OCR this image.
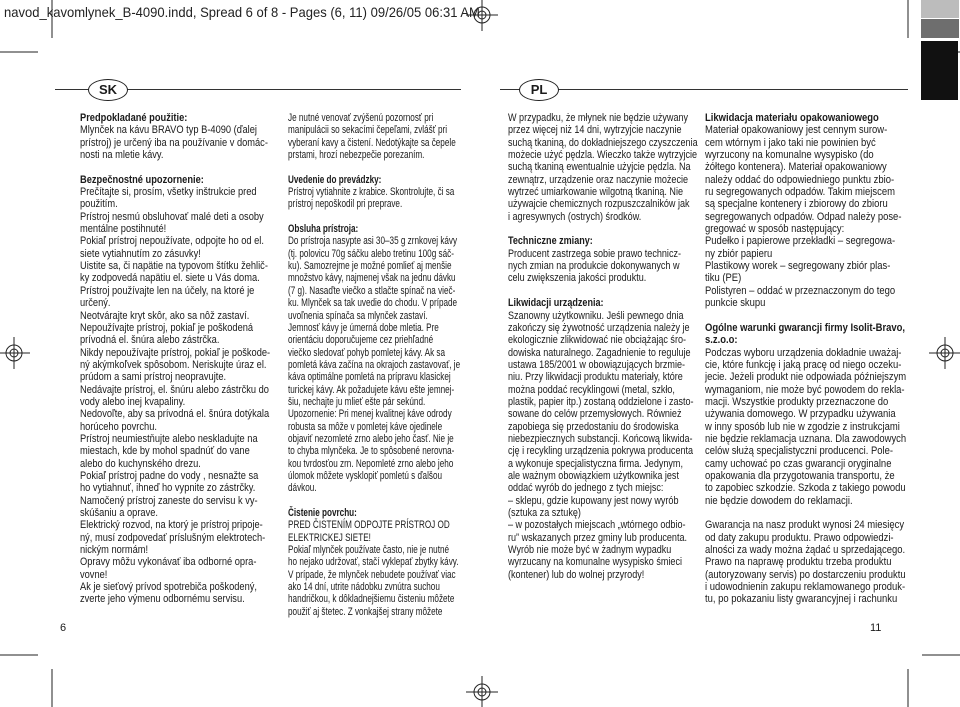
navod_kavomlynek_B-4090.indd, Spread 6 of 8 - Pages (6, 11) 09/26/05 06:31 AM
SK	PL
Predpokladané použitie:
Mlynček na kávu BRAVO typ B-4090 (ďalej
prístroj) je určený iba na používanie v domác-
nosti na mletie kávy.
Bezpečnostné upozornenie:
Prečítajte si, prosím, všetky inštrukcie pred
použitím.
Prístroj nesmú obsluhovať malé deti a osoby
mentálne postihnuté!
Pokiaľ prístroj nepoužívate, odpojte ho od el.
siete vytiahnutím zo zásuvky!
Uistite sa, či napätie na typovom štítku žehlič-
ky zodpovedá napätiu el. siete u Vás doma.
Prístroj používajte len na účely, na ktoré je
určený.
Neotvárajte kryt skôr, ako sa nôž zastaví.
Nepoužívajte prístroj, pokiaľ je poškodená
prívodná el. šnúra alebo zástrčka.
Nikdy nepoužívajte prístroj, pokiaľ je poškode-
ný akýmkoľvek spôsobom. Neriskujte úraz el.
prúdom a sami prístroj neopravujte.
Nedávajte prístroj, el. šnúru alebo zástrčku do
vody alebo inej kvapaliny.
Nedovoľte, aby sa prívodná el. šnúra dotýkala
horúceho povrchu.
Prístroj neumiestňujte alebo neskladujte na
miestach, kde by mohol spadnúť do vane
alebo do kuchynského drezu.
Pokiaľ prístroj padne do vody , nesnažte sa
ho vytiahnuť, ihneď ho vypnite zo zástrčky.
Namočený prístroj zaneste do servisu k vy-
skúšaniu a oprave.
Elektrický rozvod, na ktorý je prístroj pripoje-
ný, musí zodpovedať príslušným elektrotech-
nickým normám!
Opravy môžu vykonávať iba odborné opra-
vovne!
Ak je sieťový prívod spotrebiča poškodený,
zverte jeho výmenu odbornému servisu.
Je nutné venovať zvýšenú pozornosť pri
manipulácii so sekacími čepeľami, zvlášť pri
vyberaní kavy a čistení. Nedotýkajte sa čepele
prstami, hrozí nebezpečie porezaním.
Uvedenie do prevádzky:
Prístroj vytiahnite z krabice. Skontrolujte, či sa
prístroj nepoškodil pri preprave.
Obsluha prístroja:
Do prístroja nasypte asi 30–35 g zrnkovej kávy
(tj. polovicu 70g sáčku alebo tretinu 100g sáč-
ku). Samozrejme je možné pomlieť aj menšie
množstvo kávy, najmenej však na jednu dávku
(7 g). Nasaďte viečko a stlačte spínač na vieč-
ku. Mlynček sa tak uvedie do chodu. V prípade
uvoľnenia spínača sa mlynček zastaví.
Jemnosť kávy je úmerná dobe mletia. Pre
orientáciu doporučujeme cez priehľadné
viečko sledovať pohyb pomletej kávy. Ak sa
pomletá káva začína na okrajoch zastavovať, je
káva optimálne pomletá na prípravu klasickej
turickej kávy. Ak požadujete kávu ešte jemnej-
šiu, nechajte ju mlieť ešte pár sekúnd.
Upozornenie: Pri menej kvalitnej káve odrody
robusta sa môže v pomletej káve ojedinele
objaviť nezomleté zrno alebo jeho časť. Nie je
to chyba mlynčeka. Je to spôsobené nerovna-
kou tvrdosťou zrn. Nepomleté zrno alebo jeho
úlomok môžete vysklopiť pomletú s ďalšou
dávkou.
Čistenie povrchu:
PRED ČISTENÍM ODPOJTE PRÍSTROJ OD
ELEKTRICKEJ SIETE!
Pokiaľ mlynček používate často, nie je nutné
ho nejako udržovať, stačí vyklepať zbytky kávy.
V prípade, že mlynček nebudete používať viac
ako 14 dní, utrite nádobku zvnútra suchou
handričkou, k dôkladnejšiemu čisteniu môžete
použiť aj štetec. Z vonkajšej strany môžete
W przypadku, że młynek nie będzie używany
przez więcej niż 14 dni, wytrzyjcie naczynie
suchą tkaniną, do dokładniejszego czyszczenia
możecie użyć pędzla. Wieczko także wytrzyjcie
suchą tkaniną ewentualnie użyjcie pędzla. Na
zewnątrz, urządzenie oraz naczynie możecie
wytrzeć umiarkowanie wilgotną tkaniną. Nie
używajcie chemicznych rozpuszczalników jak
i agresywnych (ostrych) środków.
Techniczne zmiany:
Producent zastrzega sobie prawo technicz-
nych zmian na produkcie dokonywanych w
celu zwiększenia jakości produktu.
Likwidacji urządzenia:
Szanowny użytkowniku. Jeśli pewnego dnia
zakończy się żywotność urządzenia należy je
ekologicznie zlikwidować nie obciążając śro-
dowiska naturalnego. Zagadnienie to reguluje
ustawa 185/2001 w obowiązujących brzmie-
niu. Przy likwidacji produktu materiały, które
można poddać recyklingowi (metal, szkło,
plastik, papier itp.) zostaną oddzielone i zasto-
sowane do celów przemysłowych. Również
zapobiega się przedostaniu do środowiska
niebezpiecznych substancji. Końcową likwida-
cję i recykling urządzenia pokrywa producenta
a wykonuje specjalistyczna firma. Jedynym,
ale ważnym obowiązkiem użytkownika jest
oddać wyrób do jednego z tych miejsc:
– sklepu, gdzie kupowany jest nowy wyrób
(sztuka za sztukę)
– w pozostałych miejscach „wtórnego odbio-
ru” wskazanych przez gminy lub producenta.
Wyrób nie może być w żadnym wypadku
wyrzucany na komunalne wysypisko śmieci
(kontener) lub do wolnej przyrody!
Likwidacja materiału opakowaniowego
Materiał opakowaniowy jest cennym surow-
cem wtórnym i jako taki nie powinien być
wyrzucony na komunalne wysypisko (do
żółtego kontenera). Materiał opakowaniowy
należy oddać do odpowiedniego punktu zbio-
ru segregowanych odpadów. Takim miejscem
są specjalne kontenery i zbiorowy do zbioru
segregowanych odpadów. Odpad należy pose-
gregować w sposób następujący:
Pudełko i papierowe przekładki – segregowa-
ny zbiór papieru
Plastikowy worek – segregowany zbiór plas-
tiku (PE)
Polistyren – oddać w przeznaczonym do tego
punkcie skupu
Ogólne warunki gwarancji firmy Isolit-Bravo,
s.z.o.o:
Podczas wyboru urządzenia dokładnie uważaj-
cie, które funkcję i jaką pracę od niego oczeku-
jecie. Jeżeli produkt nie odpowiada późniejszym
wymaganiom, nie może być powodem do rekla-
macji. Wszystkie produkty przeznaczone do
używania domowego. W przypadku używania
w inny sposób lub nie w zgodzie z instrukcjami
nie będzie reklamacja uznana. Dla zawodowych
celów służą specjalistyczni producenci. Pole-
camy uchować po czas gwarancji oryginalne
opakowania dla przygotowania transportu, że
to zapobiec szkodzie. Szkoda z takiego powodu
nie będzie dowodem do reklamacji.
Gwarancja na nasz produkt wynosi 24 miesięcy
od daty zakupu produktu. Prawo odpowiedzi-
alności za wady można żądać u sprzedającego.
Prawo na naprawę produktu trzeba produktu
(autoryzowany servis) po dostarczeniu produktu
i udowodnienin zakupu reklamowanego produk-
tu, po pokazaniu listy gwarancyjnej i rachunku
6	11
